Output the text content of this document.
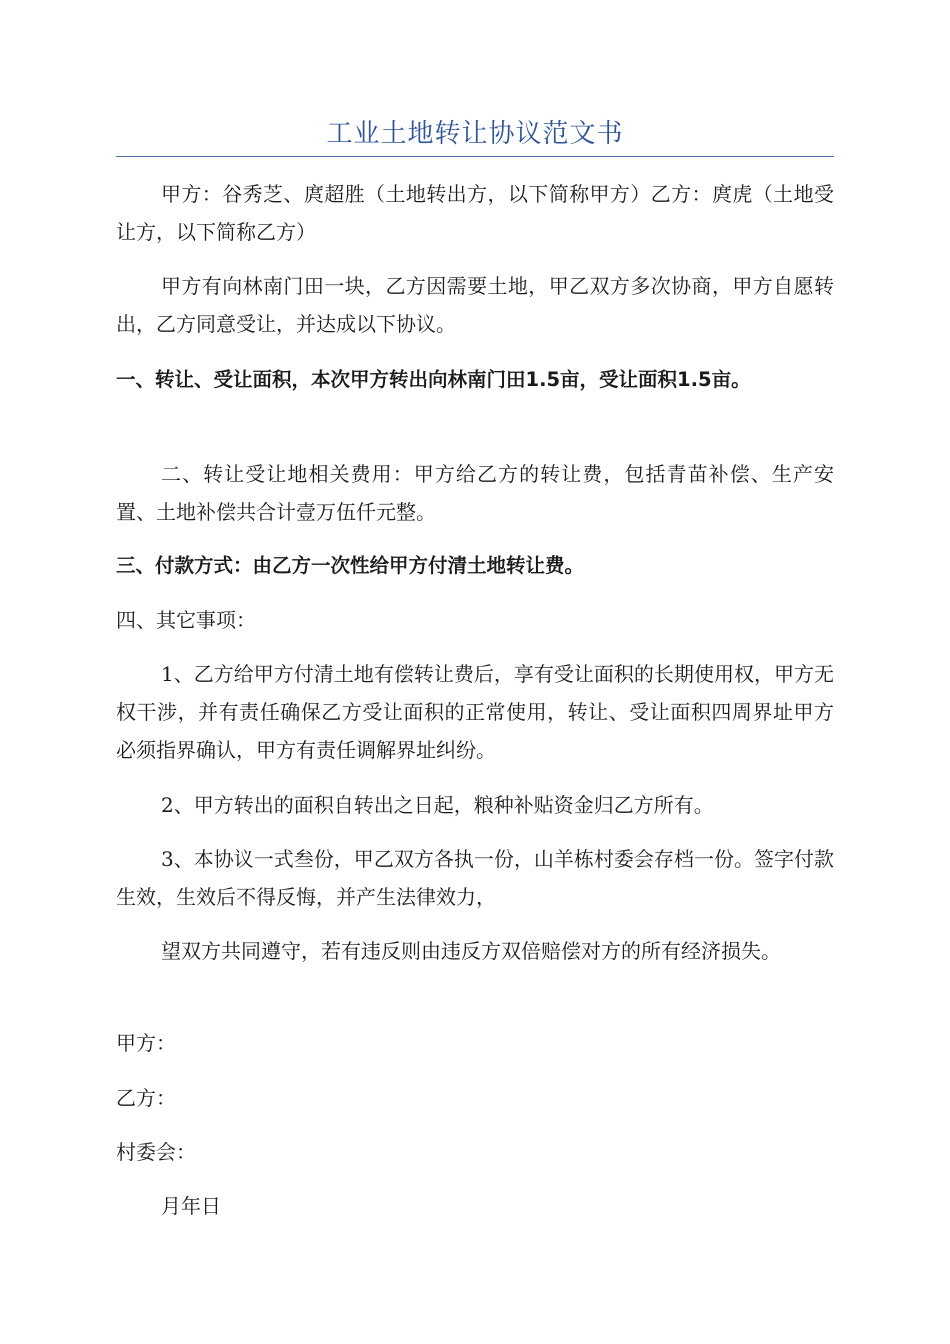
工业土地转让协议范文书

甲方：谷秀芝、庹超胜（土地转出方，以下简称甲方）乙方：庹虎（土地受让方，以下简称乙方）

甲方有向林南门田一块，乙方因需要土地，甲乙双方多次协商，甲方自愿转出，乙方同意受让，并达成以下协议。

一、转让、受让面积，本次甲方转出向林南门田1.5亩，受让面积1.5亩。

二、转让受让地相关费用：甲方给乙方的转让费，包括青苗补偿、生产安置、土地补偿共合计壹万伍仟元整。

三、付款方式：由乙方一次性给甲方付清土地转让费。

四、其它事项：

1、乙方给甲方付清土地有偿转让费后，享有受让面积的长期使用权，甲方无权干涉，并有责任确保乙方受让面积的正常使用，转让、受让面积四周界址甲方必须指界确认，甲方有责任调解界址纠纷。

2、甲方转出的面积自转出之日起，粮种补贴资金归乙方所有。

3、本协议一式叁份，甲乙双方各执一份，山羊栋村委会存档一份。签字付款生效，生效后不得反悔，并产生法律效力，

望双方共同遵守，若有违反则由违反方双倍赔偿对方的所有经济损失。

甲方：

乙方：

村委会：

月年日
